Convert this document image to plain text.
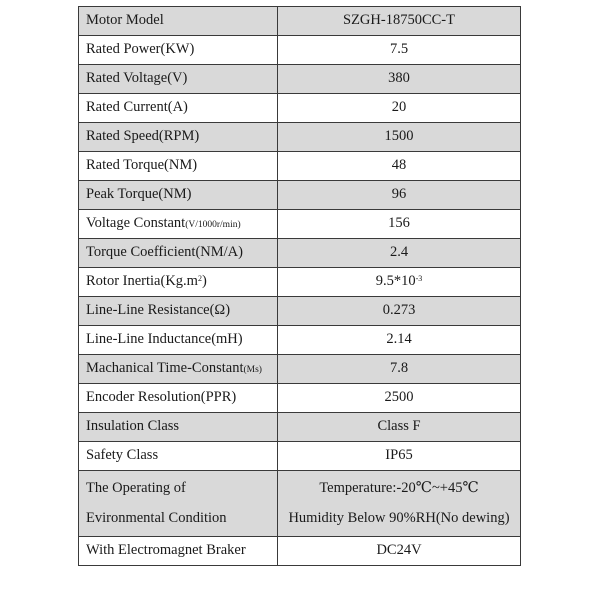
Motor Model	SZGH-18750CC-T
Rated Power(KW)	7.5
Rated Voltage(V)	380
Rated Current(A)	20
Rated Speed(RPM)	1500
Rated Torque(NM)	48
Peak Torque(NM)	96
Voltage Constant(V/1000r/min)	156
Torque Coefficient(NM/A)	2.4
Rotor $Inertia(Kg.m^2)$	$9.5*10^{-3}$
Line-Line Resistance(Ω)	0.273
Line-Line Inductance(mH)	2.14
Machanical Time-Constant(Ms)	7.8
Encoder Resolution(PPR)	2500
Insulation Class	Class F
Safety Class	IP65

The Operating of
Evironmental Condition	Temperature:-20℃~+45℃
Humidity Below 90%RH(No dewing)

With Electromagnet Braker	DC24V
